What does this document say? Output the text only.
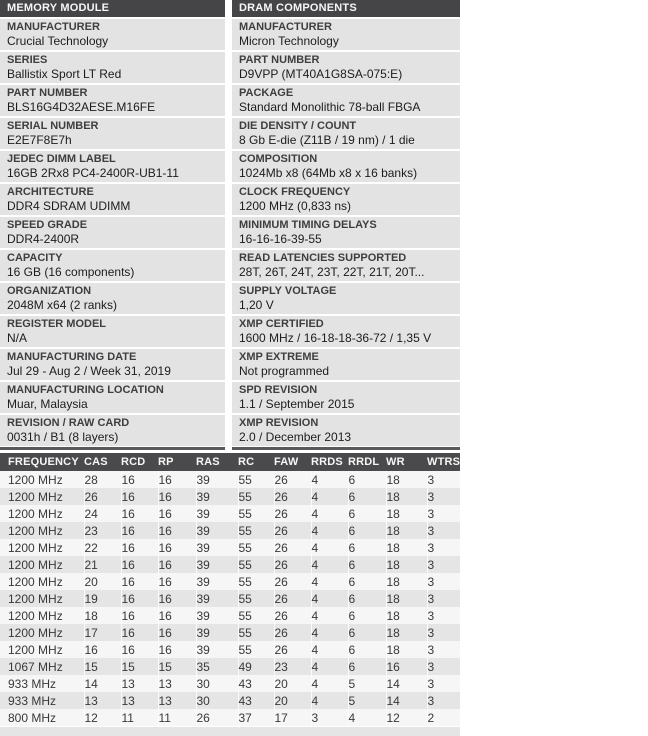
MEMORY MODULE
MANUFACTURER
Crucial Technology
SERIES
Ballistix Sport LT Red
PART NUMBER
BLS16G4D32AESE.M16FE
SERIAL NUMBER
E2E7F8E7h
JEDEC DIMM LABEL
16GB 2Rx8 PC4-2400R-UB1-11
ARCHITECTURE
DDR4 SDRAM UDIMM
SPEED GRADE
DDR4-2400R
CAPACITY
16 GB (16 components)
ORGANIZATION
2048M x64 (2 ranks)
REGISTER MODEL
N/A
MANUFACTURING DATE
Jul 29 - Aug 2 / Week 31, 2019
MANUFACTURING LOCATION
Muar, Malaysia
REVISION / RAW CARD
0031h / B1 (8 layers)
DRAM COMPONENTS
MANUFACTURER
Micron Technology
PART NUMBER
D9VPP (MT40A1G8SA-075:E)
PACKAGE
Standard Monolithic 78-ball FBGA
DIE DENSITY / COUNT
8 Gb E-die (Z11B / 19 nm) / 1 die
COMPOSITION
1024Mb x8 (64Mb x8 x 16 banks)
CLOCK FREQUENCY
1200 MHz (0,833 ns)
MINIMUM TIMING DELAYS
16-16-16-39-55
READ LATENCIES SUPPORTED
28T, 26T, 24T, 23T, 22T, 21T, 20T...
SUPPLY VOLTAGE
1,20 V
XMP CERTIFIED
1600 MHz / 16-18-18-36-72 / 1,35 V
XMP EXTREME
Not programmed
SPD REVISION
1.1 / September 2015
XMP REVISION
2.0 / December 2013
FREQUENCY	CAS	RCD	RP	RAS	RC	FAW	RRDS	RRDL	WR	WTRS
1200 MHz	28	16	16	39	55	26	4	6	18	3
1200 MHz	26	16	16	39	55	26	4	6	18	3
1200 MHz	24	16	16	39	55	26	4	6	18	3
1200 MHz	23	16	16	39	55	26	4	6	18	3
1200 MHz	22	16	16	39	55	26	4	6	18	3
1200 MHz	21	16	16	39	55	26	4	6	18	3
1200 MHz	20	16	16	39	55	26	4	6	18	3
1200 MHz	19	16	16	39	55	26	4	6	18	3
1200 MHz	18	16	16	39	55	26	4	6	18	3
1200 MHz	17	16	16	39	55	26	4	6	18	3
1200 MHz	16	16	16	39	55	26	4	6	18	3
1067 MHz	15	15	15	35	49	23	4	6	16	3
933 MHz	14	13	13	30	43	20	4	5	14	3
933 MHz	13	13	13	30	43	20	4	5	14	3
800 MHz	12	11	11	26	37	17	3	4	12	2
